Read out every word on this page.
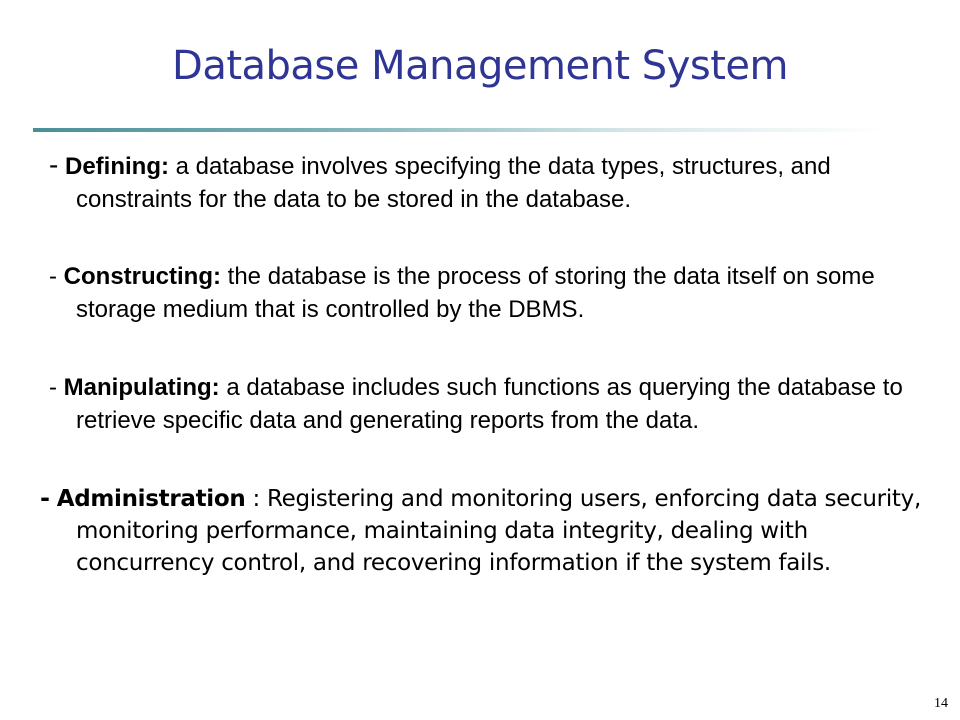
Database Management System
- Defining: a database involves specifying the data types, structures, and constraints for the data to be stored in the database.
- Constructing: the database is the process of storing the data itself on some storage medium that is controlled by the DBMS.
- Manipulating: a database includes such functions as querying the database to retrieve specific data and generating reports from the data.
- Administration : Registering and monitoring users, enforcing data security, monitoring performance, maintaining data integrity, dealing with concurrency control, and recovering information if the system fails.
14
